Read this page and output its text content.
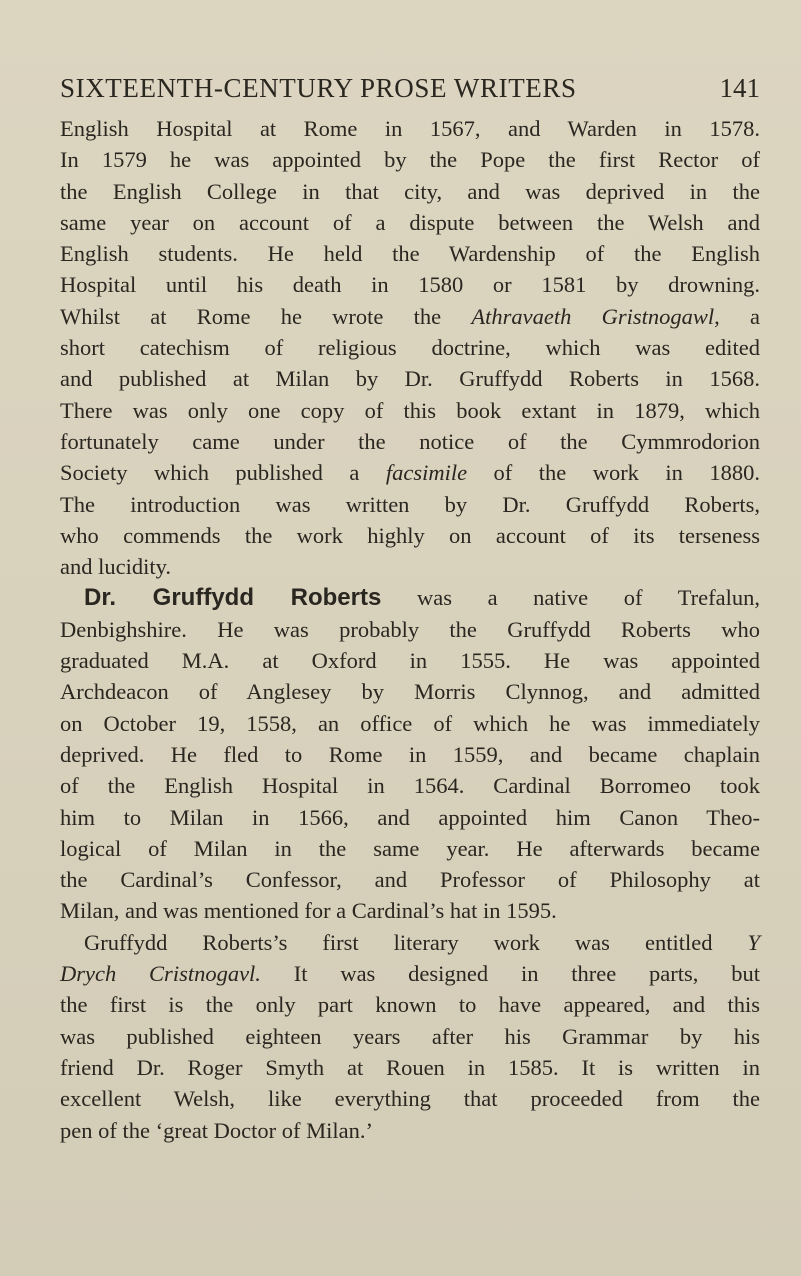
SIXTEENTH-CENTURY PROSE WRITERS	141
English Hospital at Rome in 1567, and Warden in 1578.
In 1579 he was appointed by the Pope the first Rector of
the English College in that city, and was deprived in the
same year on account of a dispute between the Welsh and
English students. He held the Wardenship of the English
Hospital until his death in 1580 or 1581 by drowning.
Whilst at Rome he wrote the Athravaeth Gristnogawl, a
short catechism of religious doctrine, which was edited
and published at Milan by Dr. Gruffydd Roberts in 1568.
There was only one copy of this book extant in 1879, which
fortunately came under the notice of the Cymmrodorion
Society which published a facsimile of the work in 1880.
The introduction was written by Dr. Gruffydd Roberts,
who commends the work highly on account of its terseness
and lucidity.
Dr. Gruffydd Roberts was a native of Trefalun,
Denbighshire. He was probably the Gruffydd Roberts who
graduated M.A. at Oxford in 1555. He was appointed
Archdeacon of Anglesey by Morris Clynnog, and admitted
on October 19, 1558, an office of which he was immediately
deprived. He fled to Rome in 1559, and became chaplain
of the English Hospital in 1564. Cardinal Borromeo took
him to Milan in 1566, and appointed him Canon Theo-
logical of Milan in the same year. He afterwards became
the Cardinal’s Confessor, and Professor of Philosophy at
Milan, and was mentioned for a Cardinal’s hat in 1595.
Gruffydd Roberts’s first literary work was entitled Y
Drych Cristnogavl. It was designed in three parts, but
the first is the only part known to have appeared, and this
was published eighteen years after his Grammar by his
friend Dr. Roger Smyth at Rouen in 1585. It is written in
excellent Welsh, like everything that proceeded from the
pen of the ‘great Doctor of Milan.’
